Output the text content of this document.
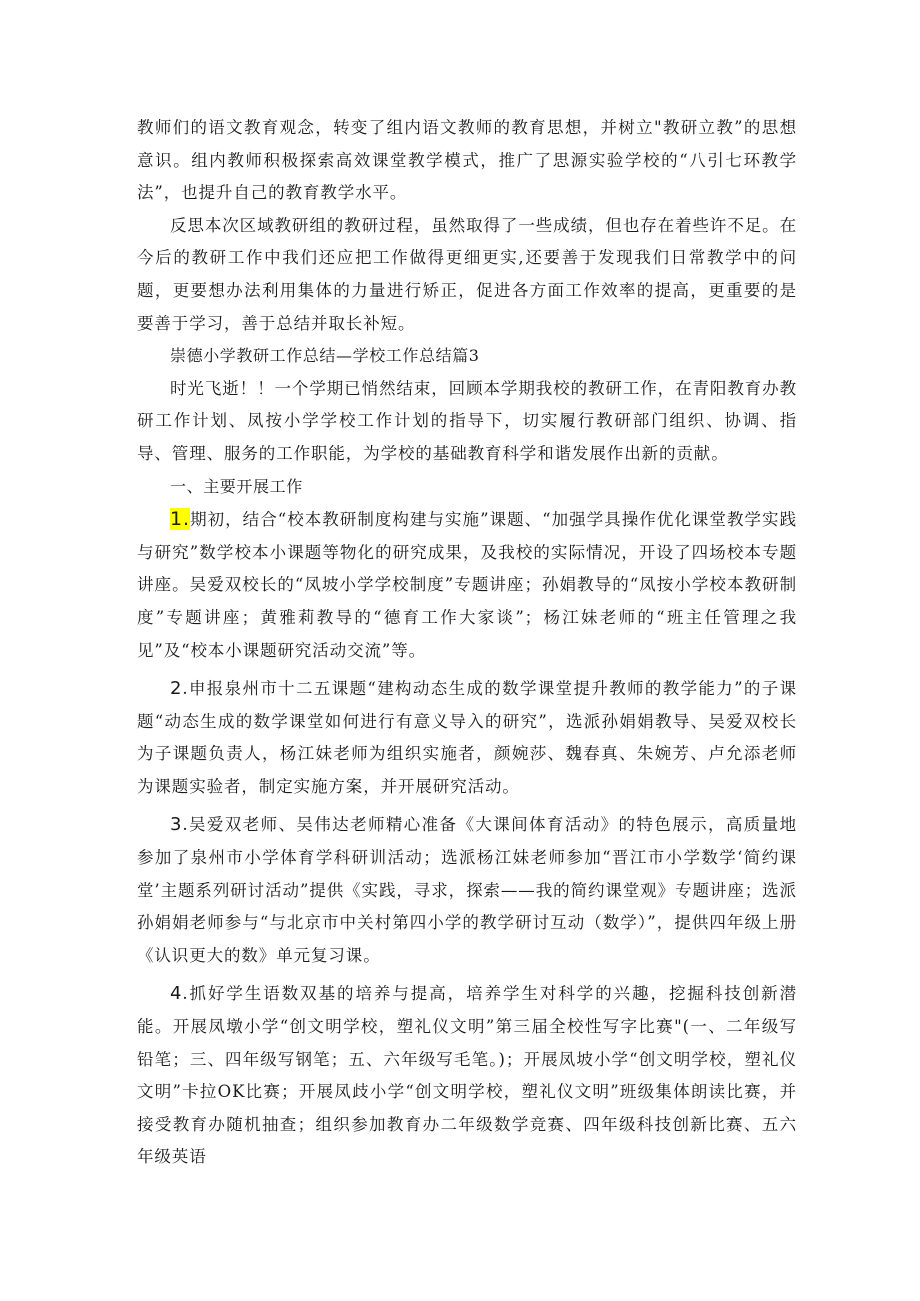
教师们的语文教育观念，转变了组内语文教师的教育思想，并树立"教研立教”的思想意识。组内教师积极探索高效课堂教学模式，推广了思源实验学校的“八引七环教学法”，也提升自己的教育教学水平。

反思本次区域教研组的教研过程，虽然取得了一些成绩，但也存在着些许不足。在今后的教研工作中我们还应把工作做得更细更实,还要善于发现我们日常教学中的问题，更要想办法利用集体的力量进行矫正，促进各方面工作效率的提高，更重要的是要善于学习，善于总结并取长补短。

崇德小学教研工作总结—学校工作总结篇3

时光飞逝！！一个学期已悄然结束，回顾本学期我校的教研工作，在青阳教育办教研工作计划、凤按小学学校工作计划的指导下，切实履行教研部门组织、协调、指导、管理、服务的工作职能，为学校的基础教育科学和谐发展作出新的贡献。

一、主要开展工作

1.期初，结合“校本教研制度构建与实施”课题、“加强学具操作优化课堂教学实践与研究”数学校本小课题等物化的研究成果，及我校的实际情况，开设了四场校本专题讲座。吴爱双校长的“凤坡小学学校制度”专题讲座；孙娟教导的“凤按小学校本教研制度”专题讲座；黄雅莉教导的“德育工作大家谈”；杨江妹老师的“班主任管理之我见”及“校本小课题研究活动交流”等。

2.申报泉州市十二五课题“建构动态生成的数学课堂提升教师的教学能力”的子课题“动态生成的数学课堂如何进行有意义导入的研究”，选派孙娟娟教导、吴爱双校长为子课题负责人，杨江妹老师为组织实施者，颜婉莎、魏春真、朱婉芳、卢允添老师为课题实验者，制定实施方案，并开展研究活动。

3.吴爱双老师、吴伟达老师精心准备《大课间体育活动》的特色展示，高质量地参加了泉州市小学体育学科研训活动；选派杨江妹老师参加“晋江市小学数学‘简约课堂’主题系列研讨活动”提供《实践，寻求，探索——我的简约课堂观》专题讲座；选派孙娟娟老师参与“与北京市中关村第四小学的教学研讨互动（数学）”，提供四年级上册《认识更大的数》单元复习课。

4.抓好学生语数双基的培养与提高，培养学生对科学的兴趣，挖掘科技创新潜能。开展凤墩小学“创文明学校，塑礼仪文明”第三届全校性写字比赛"(一、二年级写铅笔；三、四年级写钢笔；五、六年级写毛笔。)；开展凤坡小学“创文明学校，塑礼仪文明”卡拉OK比赛；开展凤歧小学“创文明学校，塑礼仪文明”班级集体朗读比赛，并接受教育办随机抽查；组织参加教育办二年级数学竞赛、四年级科技创新比赛、五六年级英语
